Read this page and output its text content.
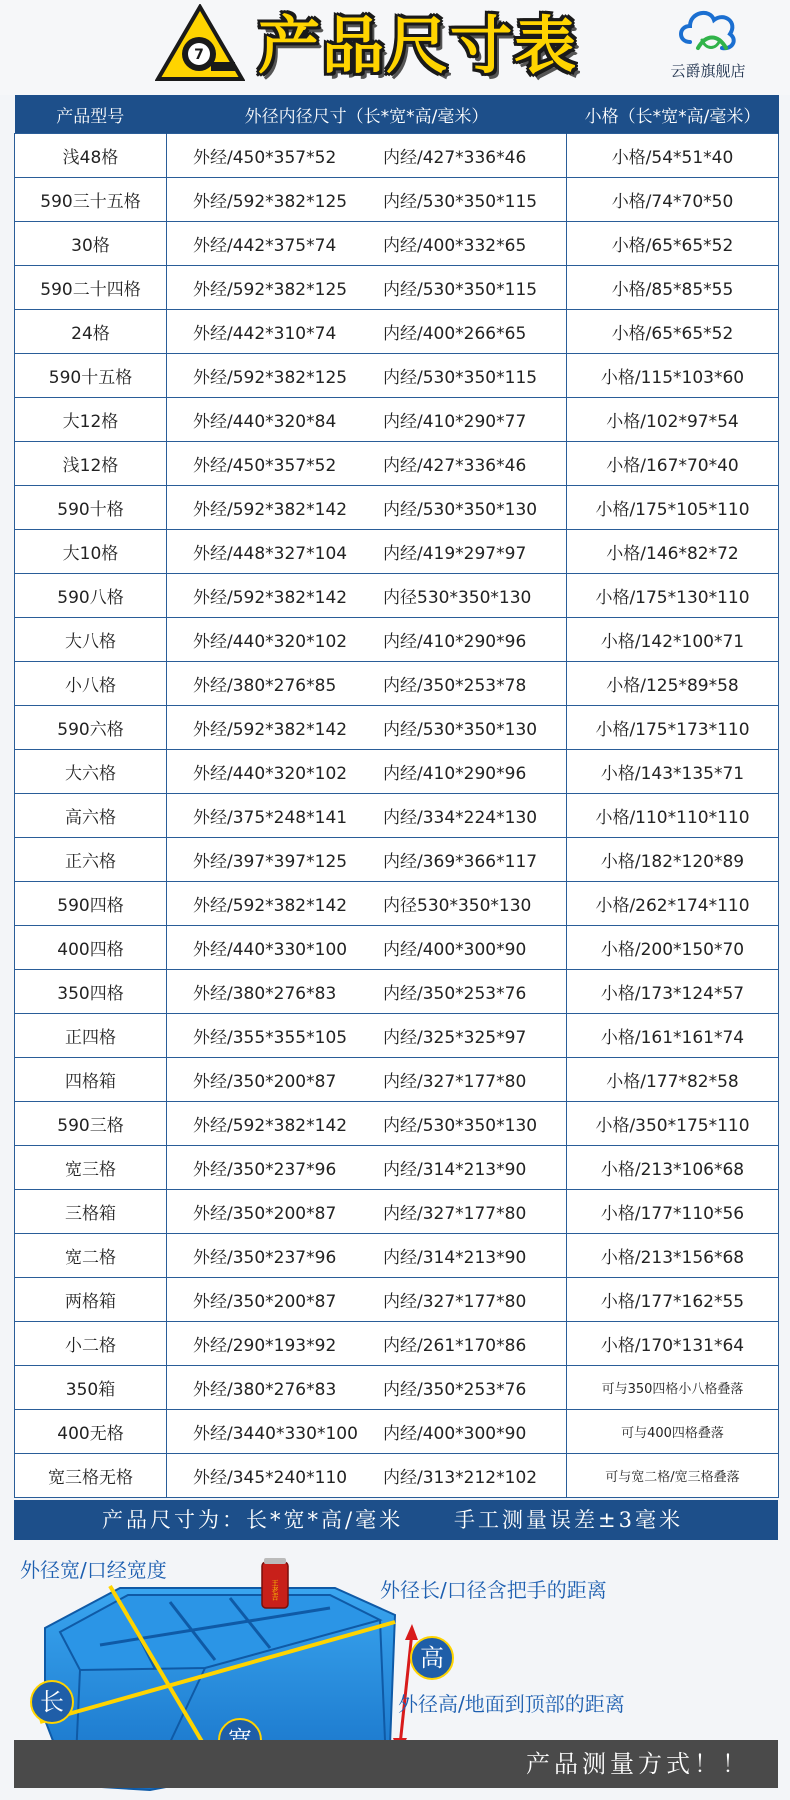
7 产品尺寸表	云爵旗舰店
产品型号	外径内径尺寸（长*宽*高/毫米）	小格（长*宽*高/毫米）
浅48格	外经/450*357*52 内经/427*336*46	小格/54*51*40
590三十五格	外经/592*382*125 内经/530*350*115	小格/74*70*50
30格	外经/442*375*74 内经/400*332*65	小格/65*65*52
590二十四格	外经/592*382*125 内经/530*350*115	小格/85*85*55
24格	外经/442*310*74 内经/400*266*65	小格/65*65*52
590十五格	外经/592*382*125 内经/530*350*115	小格/115*103*60
大12格	外经/440*320*84 内经/410*290*77	小格/102*97*54
浅12格	外经/450*357*52 内经/427*336*46	小格/167*70*40
590十格	外经/592*382*142 内经/530*350*130	小格/175*105*110
大10格	外经/448*327*104 内经/419*297*97	小格/146*82*72
590八格	外经/592*382*142 内径530*350*130	小格/175*130*110
大八格	外经/440*320*102 内经/410*290*96	小格/142*100*71
小八格	外经/380*276*85 内经/350*253*78	小格/125*89*58
590六格	外经/592*382*142 内经/530*350*130	小格/175*173*110
大六格	外经/440*320*102 内经/410*290*96	小格/143*135*71
高六格	外经/375*248*141 内经/334*224*130	小格/110*110*110
正六格	外经/397*397*125 内经/369*366*117	小格/182*120*89
590四格	外经/592*382*142 内径530*350*130	小格/262*174*110
400四格	外经/440*330*100 内经/400*300*90	小格/200*150*70
350四格	外经/380*276*83 内经/350*253*76	小格/173*124*57
正四格	外经/355*355*105 内经/325*325*97	小格/161*161*74
四格箱	外经/350*200*87 内经/327*177*80	小格/177*82*58
590三格	外经/592*382*142 内经/530*350*130	小格/350*175*110
宽三格	外经/350*237*96 内经/314*213*90	小格/213*106*68
三格箱	外经/350*200*87 内经/327*177*80	小格/177*110*56
宽二格	外经/350*237*96 内经/314*213*90	小格/213*156*68
两格箱	外经/350*200*87 内经/327*177*80	小格/177*162*55
小二格	外经/290*193*92 内经/261*170*86	小格/170*131*64
350箱	外经/380*276*83 内经/350*253*76	可与350四格小八格叠落
400无格	外经/3440*330*100 内经/400*300*90	可与400四格叠落
宽三格无格	外经/345*240*110 内经/313*212*102	可与宽二格/宽三格叠落
产品尺寸为：长*宽*高/毫米 手工测量误差±3毫米
王老吉
外径宽/口经宽度
外径长/口径含把手的距离
外径高/地面到顶部的距离
长
高
产品测量方式！！
